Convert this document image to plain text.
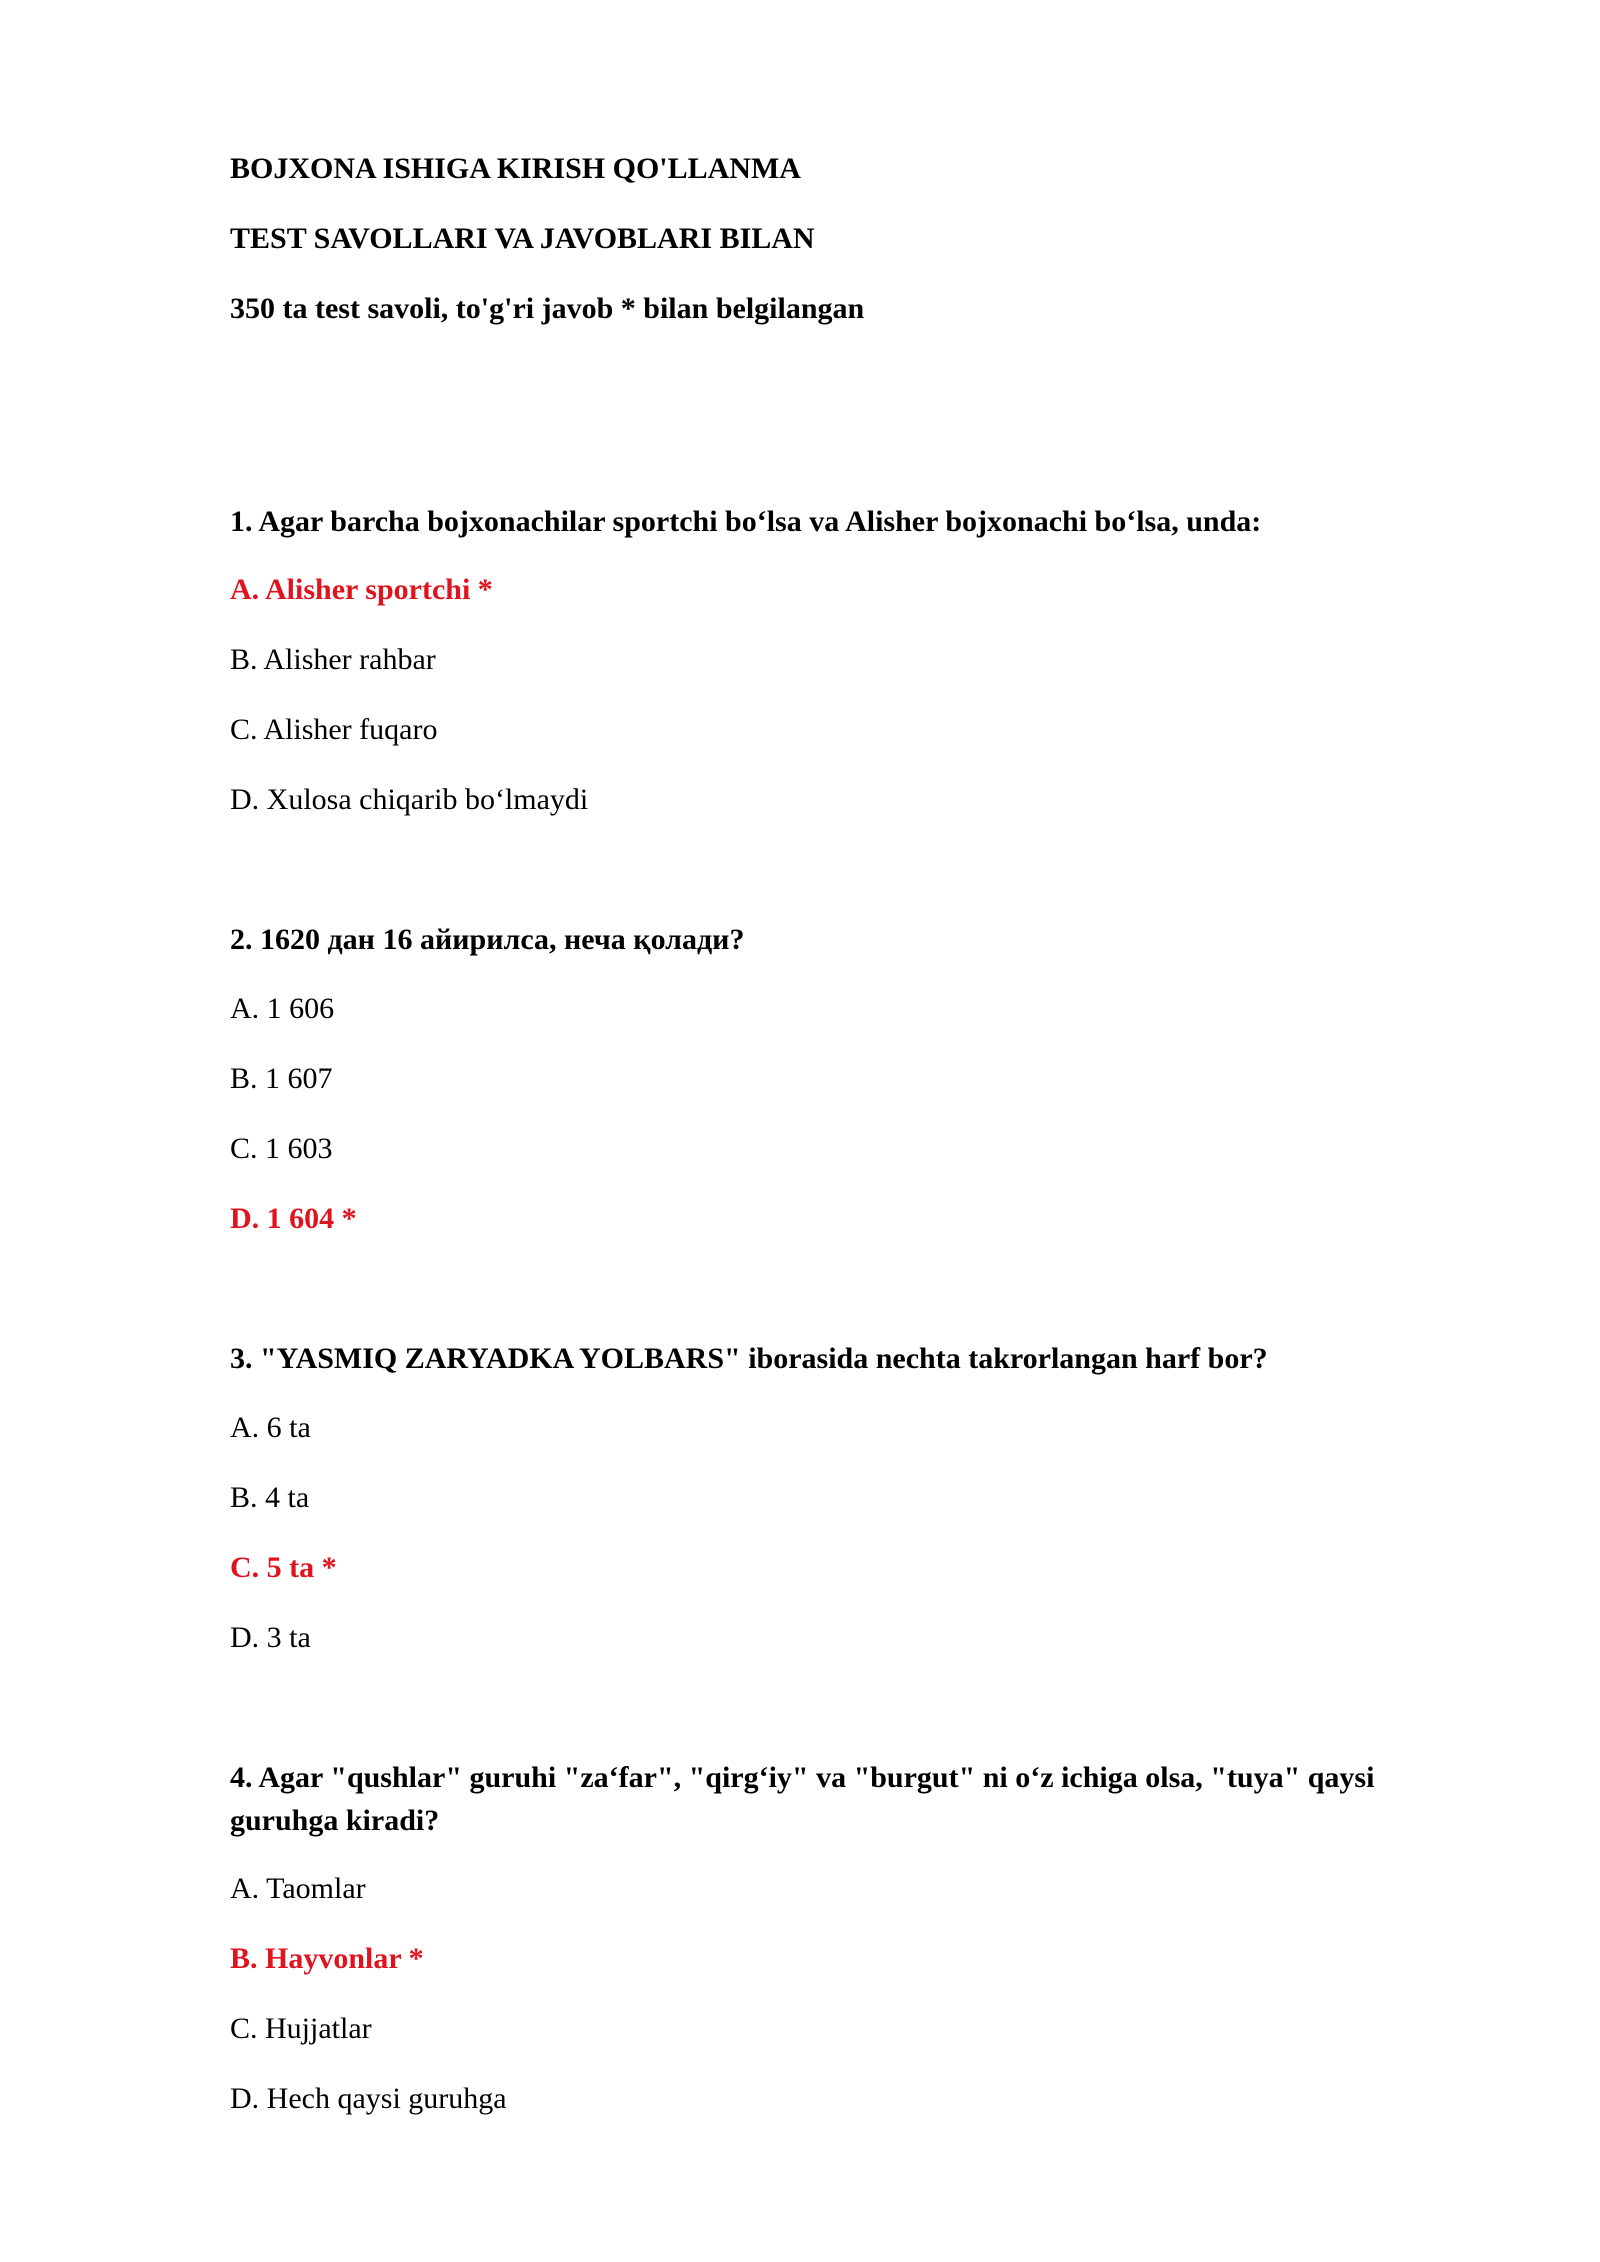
BOJXONA ISHIGA KIRISH QO'LLANMA
TEST SAVOLLARI VA JAVOBLARI BILAN
350 ta test savoli, to'g'ri javob * bilan belgilangan
1. Agar barcha bojxonachilar sportchi bo‘lsa va Alisher bojxonachi bo‘lsa, unda:
A. Alisher sportchi *
B. Alisher rahbar
C. Alisher fuqaro
D. Xulosa chiqarib bo‘lmaydi
2. 1620 дан 16 айирилса, нечa қолади?
A. 1 606
B. 1 607
C. 1 603
D. 1 604 *
3. "YASMIQ ZARYADKA YOLBARS" iborasida nechta takrorlangan harf bor?
A. 6 ta
B. 4 ta
C. 5 ta *
D. 3 ta
4. Agar "qushlar" guruhi "za‘far", "qirg‘iy" va "burgut" ni o‘z ichiga olsa, "tuya" qaysi guruhga kiradi?
A. Taomlar
B. Hayvonlar *
C. Hujjatlar
D. Hech qaysi guruhga
